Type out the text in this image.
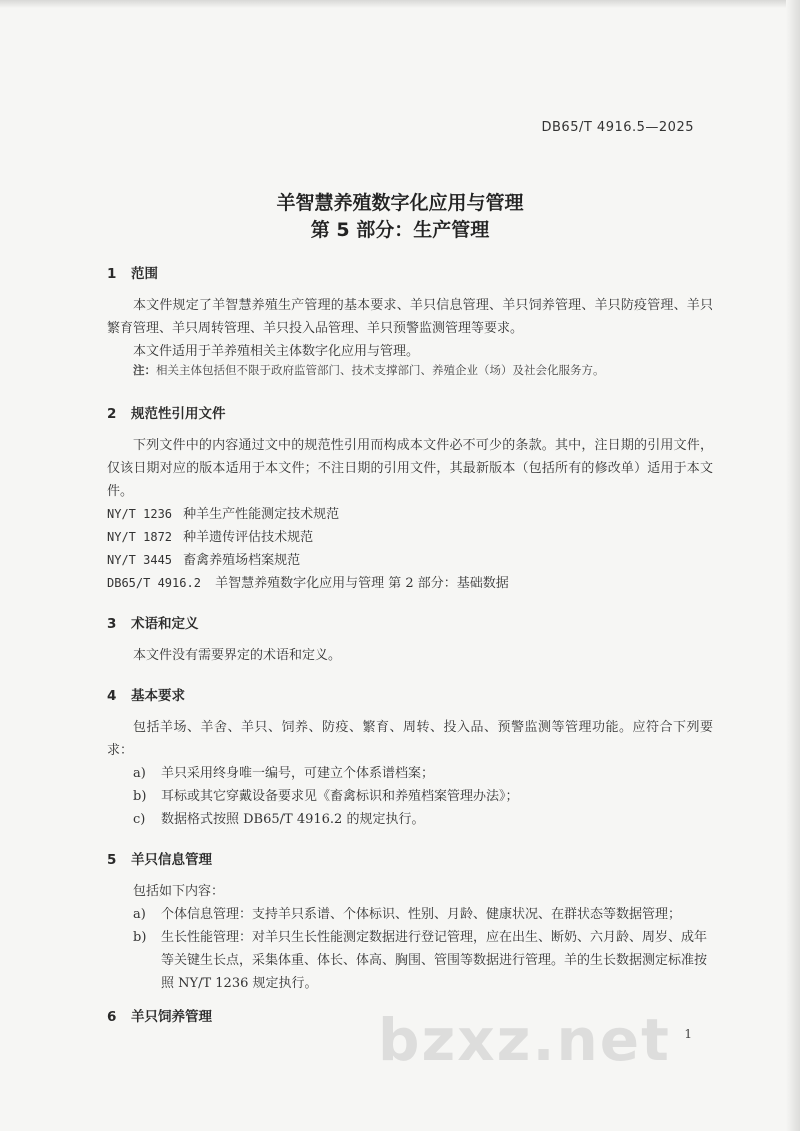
DB65/T 4916.5—2025
羊智慧养殖数字化应用与管理
第 5 部分：生产管理
1 范围
本文件规定了羊智慧养殖生产管理的基本要求、羊只信息管理、羊只饲养管理、羊只防疫管理、羊只繁育管理、羊只周转管理、羊只投入品管理、羊只预警监测管理等要求。
本文件适用于羊养殖相关主体数字化应用与管理。
注：相关主体包括但不限于政府监管部门、技术支撑部门、养殖企业（场）及社会化服务方。
2 规范性引用文件
下列文件中的内容通过文中的规范性引用而构成本文件必不可少的条款。其中，注日期的引用文件，仅该日期对应的版本适用于本文件；不注日期的引用文件，其最新版本（包括所有的修改单）适用于本文件。
NY/T 1236 种羊生产性能测定技术规范
NY/T 1872 种羊遗传评估技术规范
NY/T 3445 畜禽养殖场档案规范
DB65/T 4916.2 羊智慧养殖数字化应用与管理 第 2 部分：基础数据
3 术语和定义
本文件没有需要界定的术语和定义。
4 基本要求
包括羊场、羊舍、羊只、饲养、防疫、繁育、周转、投入品、预警监测等管理功能。应符合下列要求：
a) 羊只采用终身唯一编号，可建立个体系谱档案；
b) 耳标或其它穿戴设备要求见《畜禽标识和养殖档案管理办法》；
c) 数据格式按照 DB65/T 4916.2 的规定执行。
5 羊只信息管理
包括如下内容：
a) 个体信息管理：支持羊只系谱、个体标识、性别、月龄、健康状况、在群状态等数据管理；
b) 生长性能管理：对羊只生长性能测定数据进行登记管理，应在出生、断奶、六月龄、周岁、成年等关键生长点，采集体重、体长、体高、胸围、管围等数据进行管理。羊的生长数据测定标准按照 NY/T 1236 规定执行。
6 羊只饲养管理	bzxz.net 1
